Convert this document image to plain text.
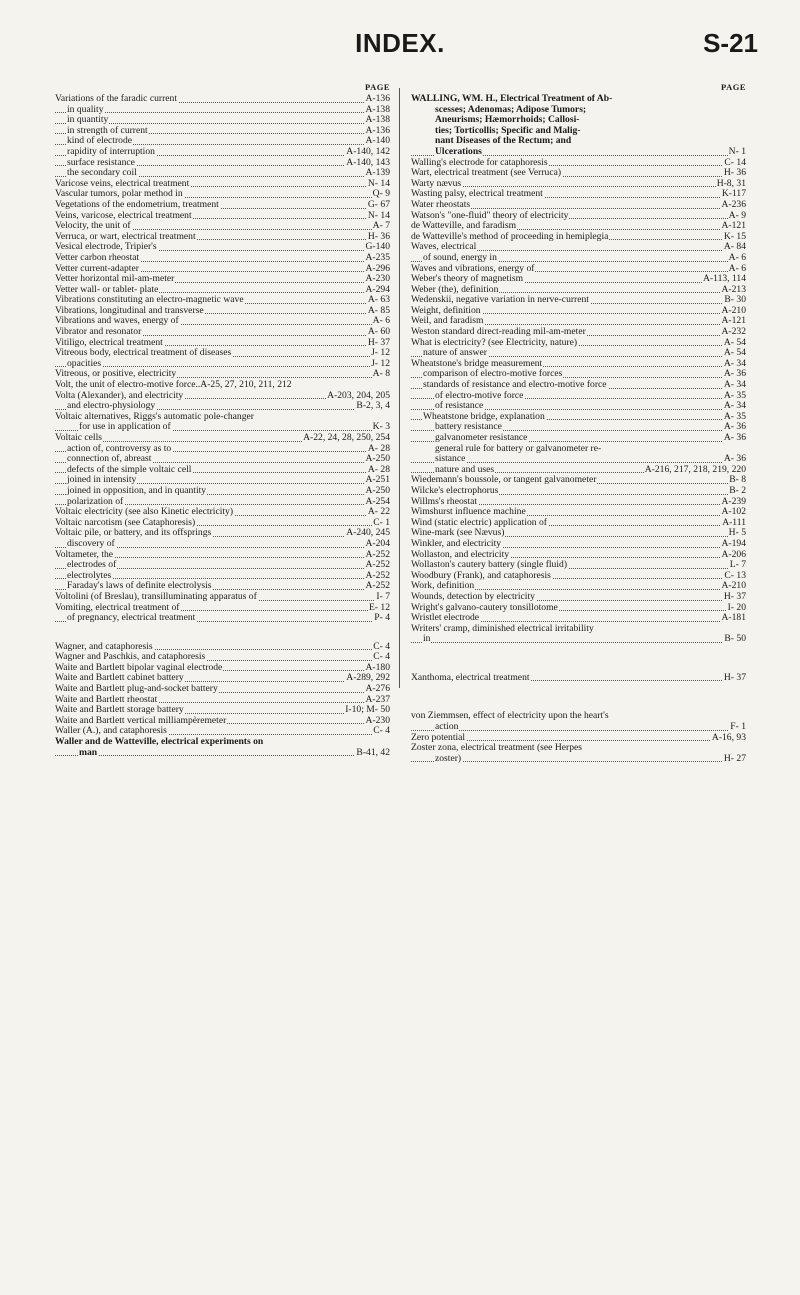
INDEX.	S-21
PAGE
Variations of the faradic current	A-136
in quality	A-138
in quantity	A-138
in strength of current	A-136
kind of electrode	A-140
rapidity of interruption	A-140, 142
surface resistance	A-140, 143
the secondary coil	A-139
Varicose veins, electrical treatment	N- 14
Vascular tumors, polar method in	Q- 9
Vegetations of the endometrium, treatment	G- 67
Veins, varicose, electrical treatment	N- 14
Velocity, the unit of	A- 7
Verruca, or wart, electrical treatment	H- 36
Vesical electrode, Tripier's	G-140
Vetter carbon rheostat	A-235
Vetter current-adapter	A-296
Vetter horizontal mil-am-meter	A-230
Vetter wall- or tablet- plate	A-294
Vibrations constituting an electro-magnetic wave	A- 63
Vibrations, longitudinal and transverse	A- 85
Vibrations and waves, energy of	A- 6
Vibrator and resonator	A- 60
Vitiligo, electrical treatment	H- 37
Vitreous body, electrical treatment of diseases	J- 12
opacities	J- 12
Vitreous, or positive, electricity	A- 8
Volt, the unit of electro-motive force..A-25, 27, 210, 211, 212
Volta (Alexander), and electricity	A-203, 204, 205
and electro-physiology	B-2, 3, 4
Voltaic alternatives, Riggs's automatic pole-changer
for use in application of	K- 3
Voltaic cells	A-22, 24, 28, 250, 254
action of, controversy as to	A- 28
connection of, abreast	A-250
defects of the simple voltaic cell	A- 28
joined in intensity	A-251
joined in opposition, and in quantity	A-250
polarization of	A-254
Voltaic electricity (see also Kinetic electricity)	A- 22
Voltaic narcotism (see Cataphoresis)	C- 1
Voltaic pile, or battery, and its offsprings	A-240, 245
discovery of	A-204
Voltameter, the	A-252
electrodes of	A-252
electrolytes	A-252
Faraday's laws of definite electrolysis	A-252
Voltolini (of Breslau), transilluminating apparatus of	I- 7
Vomiting, electrical treatment of	E- 12
of pregnancy, electrical treatment	P- 4
Wagner, and cataphoresis	C- 4
Wagner and Paschkis, and cataphoresis	C- 4
Waite and Bartlett bipolar vaginal electrode	A-180
Waite and Bartlett cabinet battery	A-289, 292
Waite and Bartlett plug-and-socket battery	A-276
Waite and Bartlett rheostat	A-237
Waite and Bartlett storage battery	I-10; M- 50
Waite and Bartlett vertical milliampèremeter	A-230
Waller (A.), and cataphoresis	C- 4
Waller and de Watteville, electrical experiments on
man	B-41, 42
PAGE
WALLING, WM. H., Electrical Treatment of Ab-
scesses; Adenomas; Adipose Tumors;
Aneurisms; Hæmorrhoids; Callosi-
ties; Torticollis; Specific and Malig-
nant Diseases of the Rectum; and
Ulcerations	N- 1
Walling's electrode for cataphoresis	C- 14
Wart, electrical treatment (see Verruca)	H- 36
Warty nævus	H-8, 31
Wasting palsy, electrical treatment	K-117
Water rheostats	A-236
Watson's "one-fluid" theory of electricity	A- 9
de Watteville, and faradism	A-121
de Watteville's method of proceeding in hemiplegia	K- 15
Waves, electrical	A- 84
of sound, energy in	A- 6
Waves and vibrations, energy of	A- 6
Weber's theory of magnetism	A-113, 114
Weber (the), definition	A-213
Wedenskii, negative variation in nerve-current	B- 30
Weight, definition	A-210
Weil, and faradism	A-121
Weston standard direct-reading mil-am-meter	A-232
What is electricity? (see Electricity, nature)	A- 54
nature of answer	A- 54
Wheatstone's bridge measurement	A- 34
comparison of electro-motive forces	A- 36
standards of resistance and electro-motive force	A- 34
of electro-motive force	A- 35
of resistance	A- 34
Wheatstone bridge, explanation	A- 35
battery resistance	A- 36
galvanometer resistance	A- 36
general rule for battery or galvanometer re-
sistance	A- 36
nature and uses	A-216, 217, 218, 219, 220
Wiedemann's boussole, or tangent galvanometer	B- 8
Wilcke's electrophorus	B- 2
Willms's rheostat	A-239
Wimshurst influence machine	A-102
Wind (static electric) application of	A-111
Wine-mark (see Nævus)	H- 5
Winkler, and electricity	A-194
Wollaston, and electricity	A-206
Wollaston's cautery battery (single fluid)	L- 7
Woodbury (Frank), and cataphoresis	C- 13
Work, definition	A-210
Wounds, detection by electricity	H- 37
Wright's galvano-cautery tonsillotome	I- 20
Wristlet electrode	A-181
Writers' cramp, diminished electrical irritability
in	B- 50
Xanthoma, electrical treatment	H- 37
von Ziemmsen, effect of electricity upon the heart's
action	F- 1
Zero potential	A-16, 93
Zoster zona, electrical treatment (see Herpes
zoster)	H- 27
